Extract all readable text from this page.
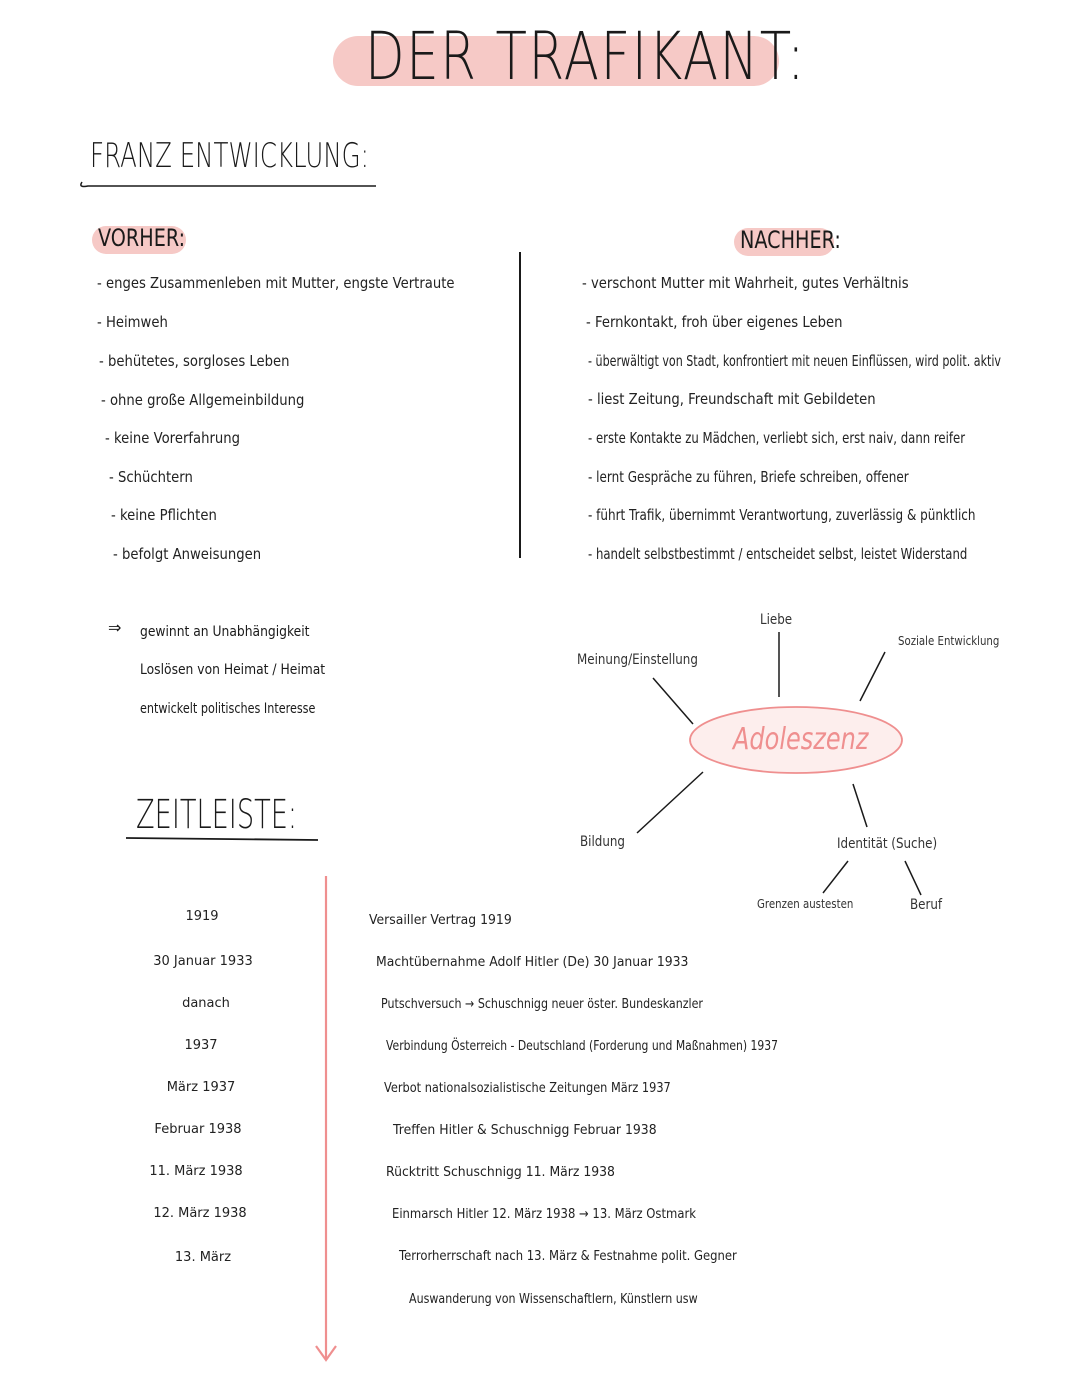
DER TRAFIKANT:
FRANZ ENTWICKLUNG:
VORHER:
- enges Zusammenleben mit Mutter, engste Vertraute
- Heimweh
- behütetes, sorgloses Leben
- ohne große Allgemeinbildung
- keine Vorerfahrung
- Schüchtern
- keine Pflichten
- befolgt Anweisungen
NACHHER:
- verschont Mutter mit Wahrheit, gutes Verhältnis
- Fernkontakt, froh über eigenes Leben
- überwältigt von Stadt, konfrontiert mit neuen Einflüssen, wird polit. aktiv
- liest Zeitung, Freundschaft mit Gebildeten
- erste Kontakte zu Mädchen, verliebt sich, erst naiv, dann reifer
- lernt Gespräche zu führen, Briefe schreiben, offener
- führt Trafik, übernimmt Verantwortung, zuverlässig & pünktlich
- handelt selbstbestimmt / entscheidet selbst, leistet Widerstand
⇒ gewinnt an Unabhängigkeit
Loslösen von Heimat / Heimat
entwickelt politisches Interesse
Adoleszenz
Liebe
Meinung/Einstellung
Soziale Entwicklung
Bildung	Identität (Suche)
Grenzen austesten	Beruf
ZEITLEISTE:
1919
30 Januar 1933
danach
1937
März 1937
Februar 1938
11. März 1938
12. März 1938
13. März
Versailler Vertrag 1919
Machtübernahme Adolf Hitler (De) 30 Januar 1933
Putschversuch → Schuschnigg neuer öster. Bundeskanzler
Verbindung Österreich - Deutschland (Forderung und Maßnahmen) 1937
Verbot nationalsozialistische Zeitungen März 1937
Treffen Hitler & Schuschnigg Februar 1938
Rücktritt Schuschnigg 11. März 1938
Einmarsch Hitler 12. März 1938 → 13. März Ostmark
Terrorherrschaft nach 13. März & Festnahme polit. Gegner
Auswanderung von Wissenschaftlern, Künstlern usw
